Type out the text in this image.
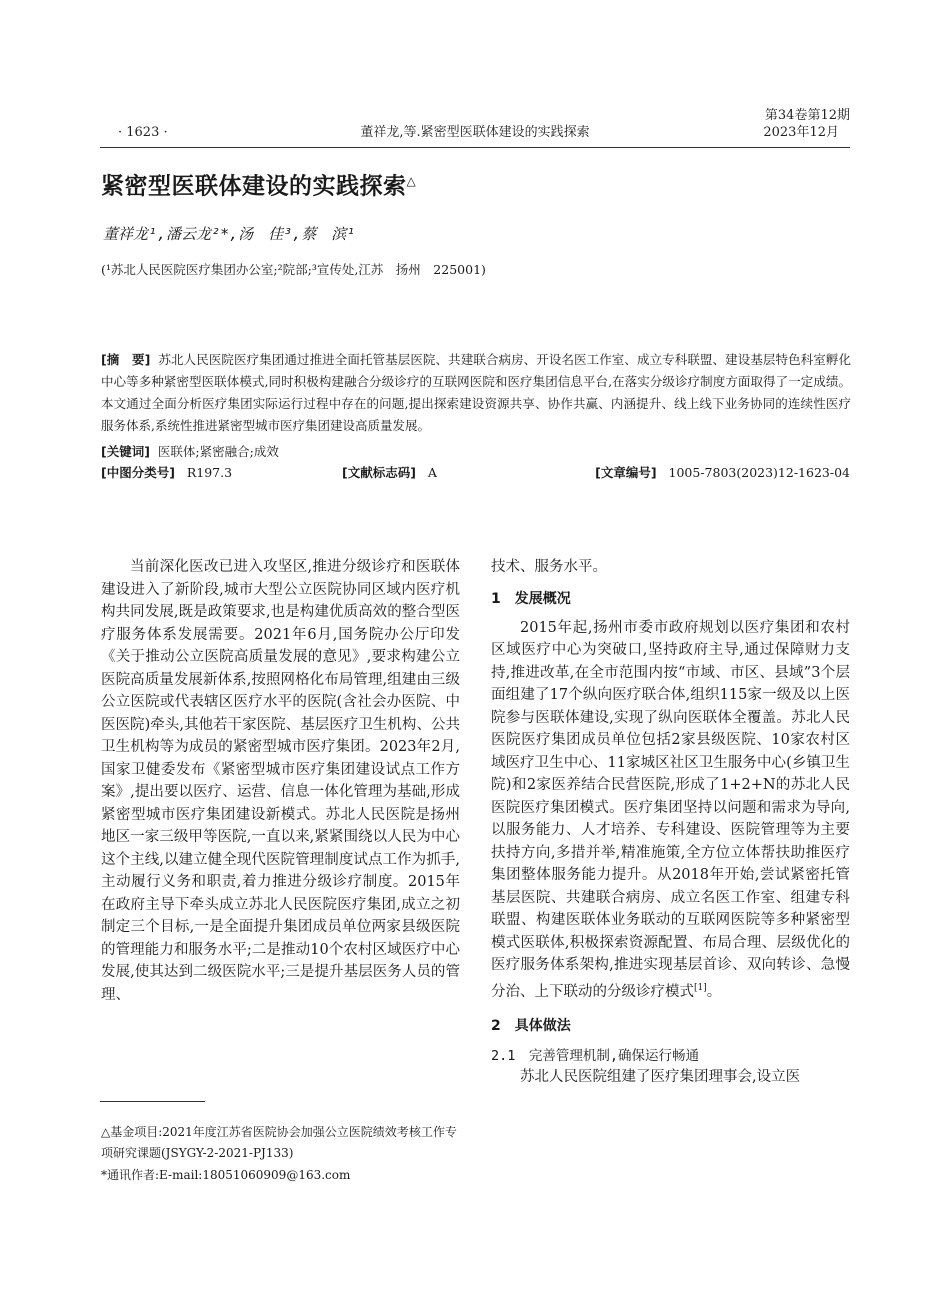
· 1623 ·	董祥龙,等.紧密型医联体建设的实践探索
第34卷第12期
2023年12月
紧密型医联体建设的实践探索△
董祥龙¹,潘云龙²*,汤　佳³,蔡　滨¹
(¹苏北人民医院医疗集团办公室;²院部;³宣传处,江苏　扬州　225001)
[摘　要] 苏北人民医院医疗集团通过推进全面托管基层医院、共建联合病房、开设名医工作室、成立专科联盟、建设基层特色科室孵化中心等多种紧密型医联体模式,同时积极构建融合分级诊疗的互联网医院和医疗集团信息平台,在落实分级诊疗制度方面取得了一定成绩。本文通过全面分析医疗集团实际运行过程中存在的问题,提出探索建设资源共享、协作共赢、内涵提升、线上线下业务协同的连续性医疗服务体系,系统性推进紧密型城市医疗集团建设高质量发展。
[关键词] 医联体;紧密融合;成效
[中图分类号] R197.3	[文献标志码] A	[文章编号] 1005-7803(2023)12-1623-04

当前深化医改已进入攻坚区,推进分级诊疗和医联体建设进入了新阶段,城市大型公立医院协同区域内医疗机构共同发展,既是政策要求,也是构建优质高效的整合型医疗服务体系发展需要。2021年6月,国务院办公厅印发《关于推动公立医院高质量发展的意见》,要求构建公立医院高质量发展新体系,按照网格化布局管理,组建由三级公立医院或代表辖区医疗水平的医院(含社会办医院、中医医院)牵头,其他若干家医院、基层医疗卫生机构、公共卫生机构等为成员的紧密型城市医疗集团。2023年2月,国家卫健委发布《紧密型城市医疗集团建设试点工作方案》,提出要以医疗、运营、信息一体化管理为基础,形成紧密型城市医疗集团建设新模式。苏北人民医院是扬州地区一家三级甲等医院,一直以来,紧紧围绕以人民为中心这个主线,以建立健全现代医院管理制度试点工作为抓手,主动履行义务和职责,着力推进分级诊疗制度。2015年在政府主导下牵头成立苏北人民医院医疗集团,成立之初制定三个目标,一是全面提升集团成员单位两家县级医院的管理能力和服务水平;二是推动10个农村区域医疗中心发展,使其达到二级医院水平;三是提升基层医务人员的管理、

△基金项目:2021年度江苏省医院协会加强公立医院绩效考核工作专项研究课题(JSYGY-2-2021-PJ133)
*通讯作者:E-mail:18051060909@163.com

技术、服务水平。

1　发展概况

2015年起,扬州市委市政府规划以医疗集团和农村区域医疗中心为突破口,坚持政府主导,通过保障财力支持,推进改革,在全市范围内按“市域、市区、县域”3个层面组建了17个纵向医疗联合体,组织115家一级及以上医院参与医联体建设,实现了纵向医联体全覆盖。苏北人民医院医疗集团成员单位包括2家县级医院、10家农村区域医疗卫生中心、11家城区社区卫生服务中心(乡镇卫生院)和2家医养结合民营医院,形成了1+2+N的苏北人民医院医疗集团模式。医疗集团坚持以问题和需求为导向,以服务能力、人才培养、专科建设、医院管理等为主要扶持方向,多措并举,精准施策,全方位立体帮扶助推医疗集团整体服务能力提升。从2018年开始,尝试紧密托管基层医院、共建联合病房、成立名医工作室、组建专科联盟、构建医联体业务联动的互联网医院等多种紧密型模式医联体,积极探索资源配置、布局合理、层级优化的医疗服务体系架构,推进实现基层首诊、双向转诊、急慢分治、上下联动的分级诊疗模式[1]。

2　具体做法
2.1　完善管理机制,确保运行畅通

苏北人民医院组建了医疗集团理事会,设立医
